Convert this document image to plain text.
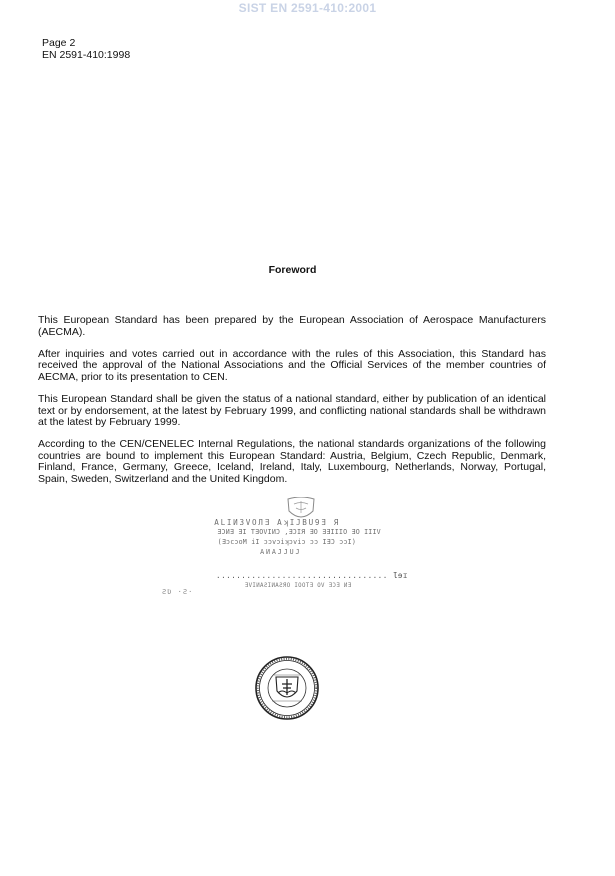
SIST EN 2591-410:2001
Page 2
EN 2591-410:1998
Foreword

This European Standard has been prepared by the European Association of Aerospace Manufacturers (AECMA).

After inquiries and votes carried out in accordance with the rules of this Association, this Standard has received the approval of the National Associations and the Official Services of the member countries of AECMA, prior to its presentation to CEN.

This European Standard shall be given the status of a national standard, either by publication of an identical text or by endorsement, at the latest by February 1999, and conflicting national standards shall be withdrawn at the latest by February 1999.

According to the CEN/CENELEC Internal Regulations, the national standards organizations of the following countries are bound to implement this European Standard: Austria, Belgium, Czech Republic, Denmark, Finland, France, Germany, Greece, Iceland, Ireland, Italy, Luxembourg, Netherlands, Norway, Portugal, Spain, Sweden, Switzerland and the United Kingdom.

ALIИЗVOЛƎ AʞIJBU9Ǝ Я
ƎƆИƎ ƎI TƎOVIИϽ ,ƎƆIЯ ƎO ƎƎIIIO ƎO IIIV
(ƎɔcɔoM iI ɔɔvɔiʞɔviɔ ɔɔ IƎƆ ɔɔI)
AИAJJUJ
.................................. Ɩɘɪ
ƎVIИAƧIИAƧЯO IOOTƎ OV ƎƆƎ ИƎ
ƧƲ ·Ƨ·
